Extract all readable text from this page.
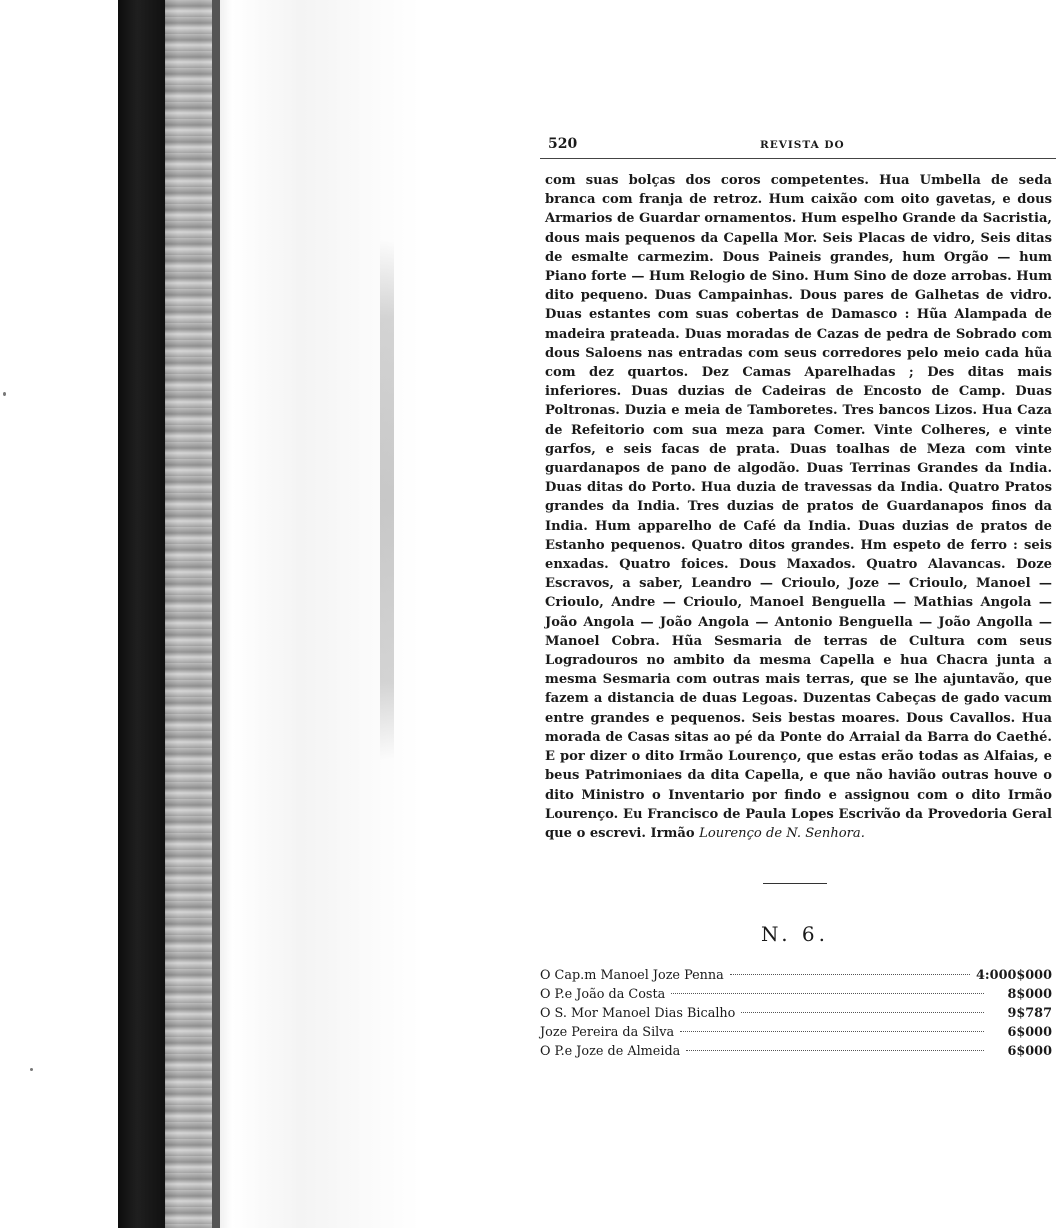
520	REVISTA DO
com suas bolças dos coros competentes. Hua Umbella de seda branca com franja de retroz. Hum caixão com oito gavetas, e dous Armarios de Guardar ornamentos. Hum espelho Grande da Sacristia, dous mais pequenos da Capella Mor. Seis Placas de vidro, Seis ditas de esmalte carmezim. Dous Paineis grandes, hum Orgão — hum Piano forte — Hum Relogio de Sino. Hum Sino de doze arrobas. Hum dito pequeno. Duas Campainhas. Dous pares de Galhetas de vidro. Duas estantes com suas cobertas de Damasco : Hũa Alampada de madeira prateada. Duas moradas de Cazas de pedra de Sobrado com dous Saloens nas entradas com seus corredores pelo meio cada hũa com dez quartos. Dez Camas Aparelhadas ; Des ditas mais inferiores. Duas duzias de Cadeiras de Encosto de Camp. Duas Poltronas. Duzia e meia de Tamboretes. Tres bancos Lizos. Hua Caza de Refeitorio com sua meza para Comer. Vinte Colheres, e vinte garfos, e seis facas de prata. Duas toalhas de Meza com vinte guardanapos de pano de algodão. Duas Terrinas Grandes da India. Duas ditas do Porto. Hua duzia de travessas da India. Quatro Pratos grandes da India. Tres duzias de pratos de Guardanapos finos da India. Hum apparelho de Café da India. Duas duzias de pratos de Estanho pequenos. Quatro ditos grandes. Hm espeto de ferro : seis enxadas. Quatro foices. Dous Maxados. Quatro Alavancas. Doze Escravos, a saber, Leandro — Crioulo, Joze — Crioulo, Manoel — Crioulo, Andre — Crioulo, Manoel Benguella — Mathias Angola — João Angola — João Angola — Antonio Benguella — João Angolla — Manoel Cobra. Hũa Sesmaria de terras de Cultura com seus Logradouros no ambito da mesma Capella e hua Chacra junta a mesma Sesmaria com outras mais terras, que se lhe ajuntavão, que fazem a distancia de duas Legoas. Duzentas Cabeças de gado vacum entre grandes e pequenos. Seis bestas moares. Dous Cavallos. Hua morada de Casas sitas ao pé da Ponte do Arraial da Barra do Caethé. E por dizer o dito Irmão Lourenço, que estas erão todas as Alfaias, e beus Patrimoniaes da dita Capella, e que não havião outras houve o dito Ministro o Inventario por findo e assignou com o dito Irmão Lourenço. Eu Francisco de Paula Lopes Escrivão da Provedoria Geral que o escrevi. Irmão Lourenço de N. Senhora.
N. 6.
O Cap.m Manoel Joze Penna	4:000$000
O P.e João da Costa	8$000
O S. Mor Manoel Dias Bicalho	9$787
Joze Pereira da Silva	6$000
O P.e Joze de Almeida	6$000
